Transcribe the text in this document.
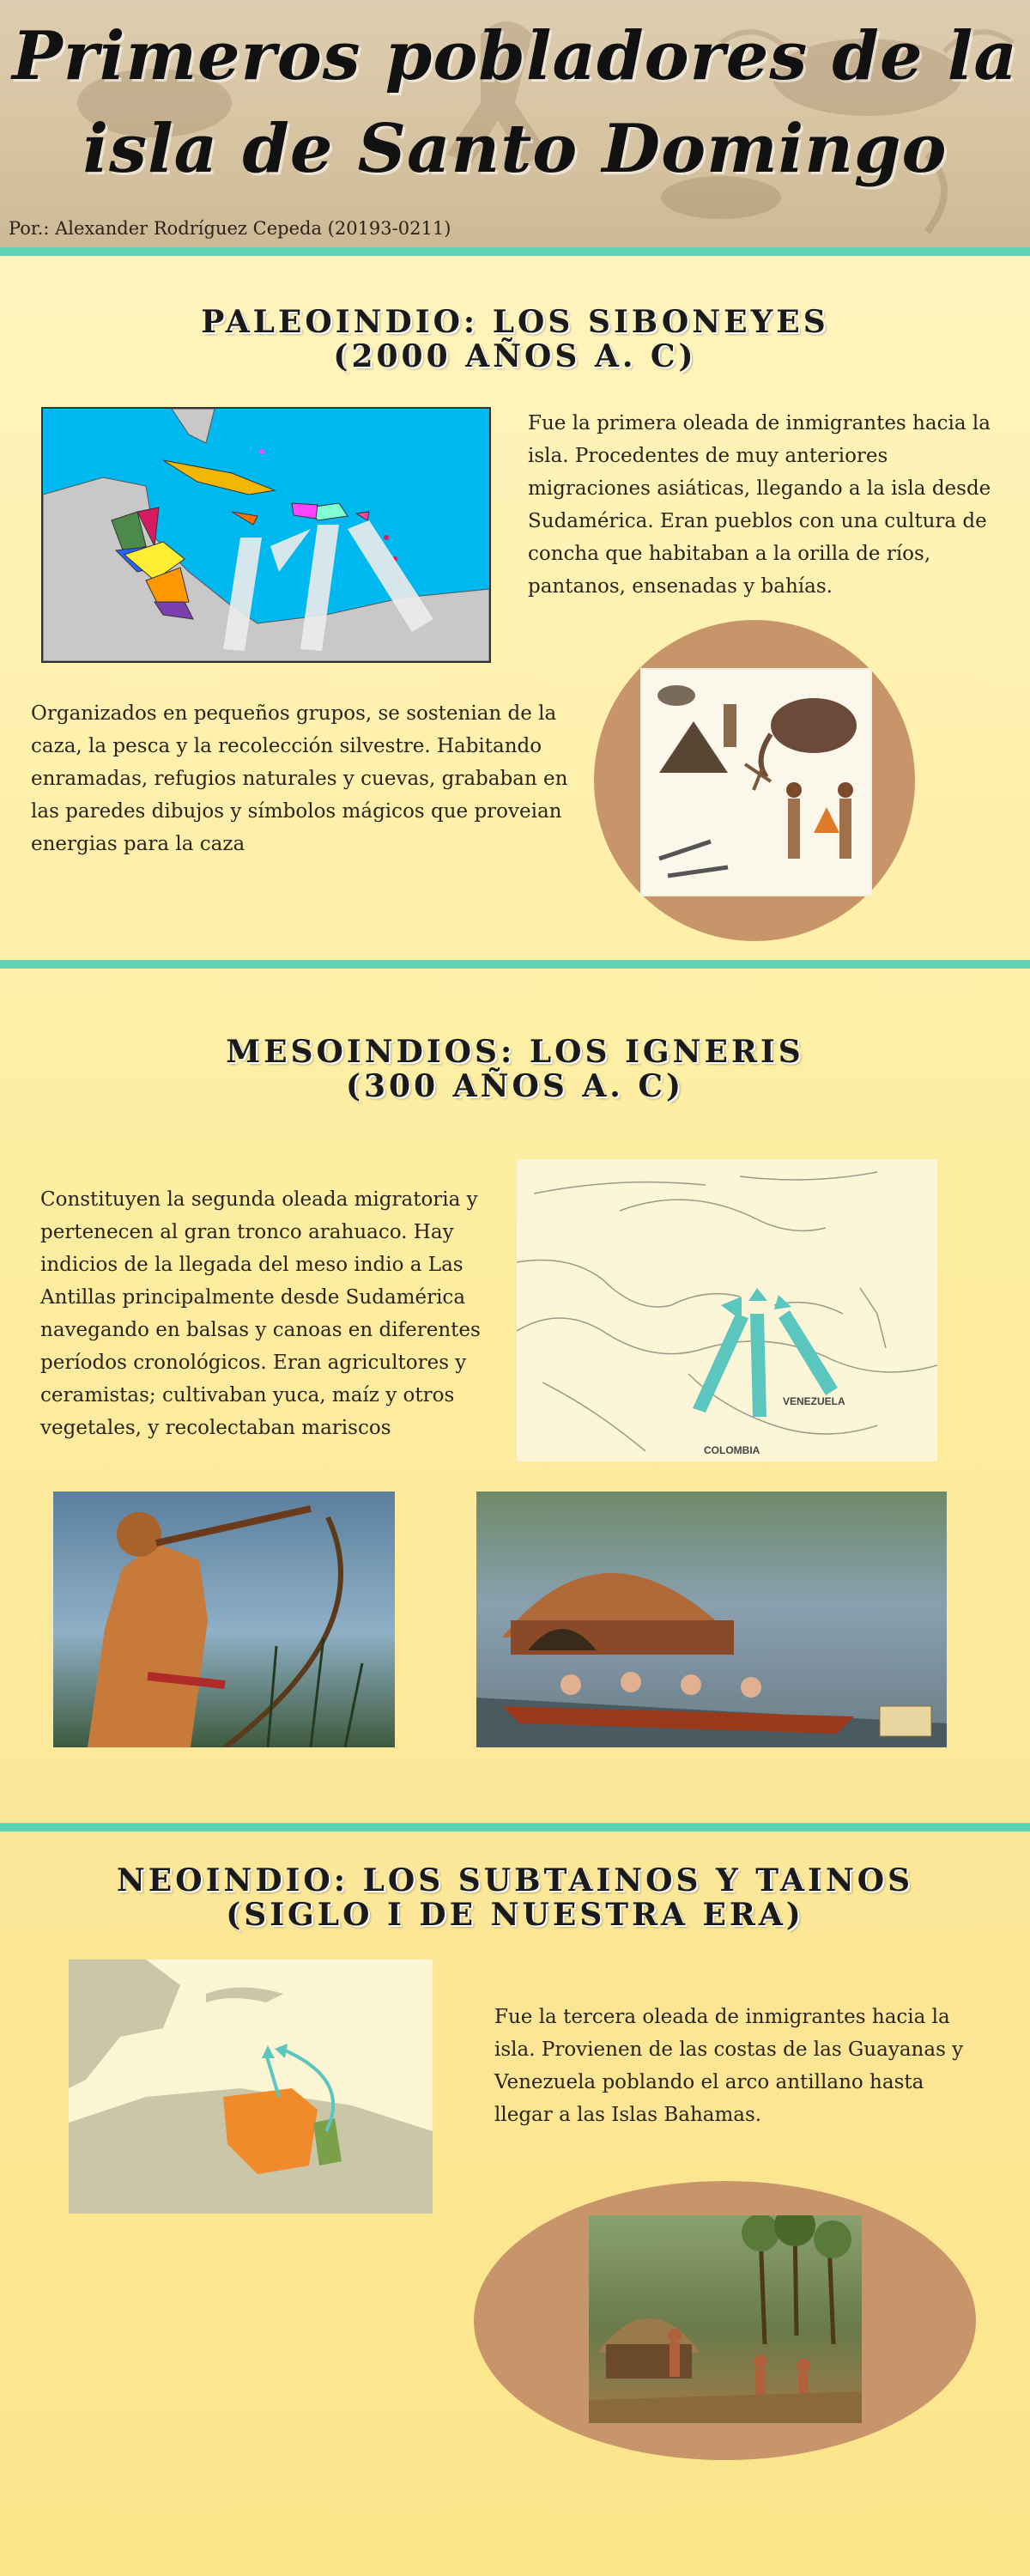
Primeros pobladores de la
isla de Santo Domingo
Por.: Alexander Rodríguez Cepeda (20193-0211)
PALEOINDIO: LOS SIBONEYES
(2000 AÑOS A. C)
Fue la primera oleada de inmigrantes hacia la isla. Procedentes de muy anteriores migraciones asiáticas, llegando a la isla desde Sudamérica. Eran pueblos con una cultura de concha que habitaban a la orilla de ríos, pantanos, ensenadas y bahías.
Organizados en pequeños grupos, se sostenian de la caza, la pesca y la recolección silvestre. Habitando enramadas, refugios naturales y cuevas, grababan en las paredes dibujos y símbolos mágicos que proveian energias para la caza
MESOINDIOS: LOS IGNERIS
(300 AÑOS A. C)
Constituyen la segunda oleada migratoria y pertenecen al gran tronco arahuaco. Hay indicios de la llegada del meso indio a Las Antillas principalmente desde Sudamérica navegando en balsas y canoas en diferentes períodos cronológicos. Eran agricultores y ceramistas; cultivaban yuca, maíz y otros vegetales, y recolectaban mariscos
VENEZUELA
COLOMBIA
NEOINDIO: LOS SUBTAINOS Y TAINOS
(SIGLO I DE NUESTRA ERA)
Fue la tercera oleada de inmigrantes hacia la isla. Provienen de las costas de las Guayanas y Venezuela poblando el arco antillano hasta llegar a las Islas Bahamas.
